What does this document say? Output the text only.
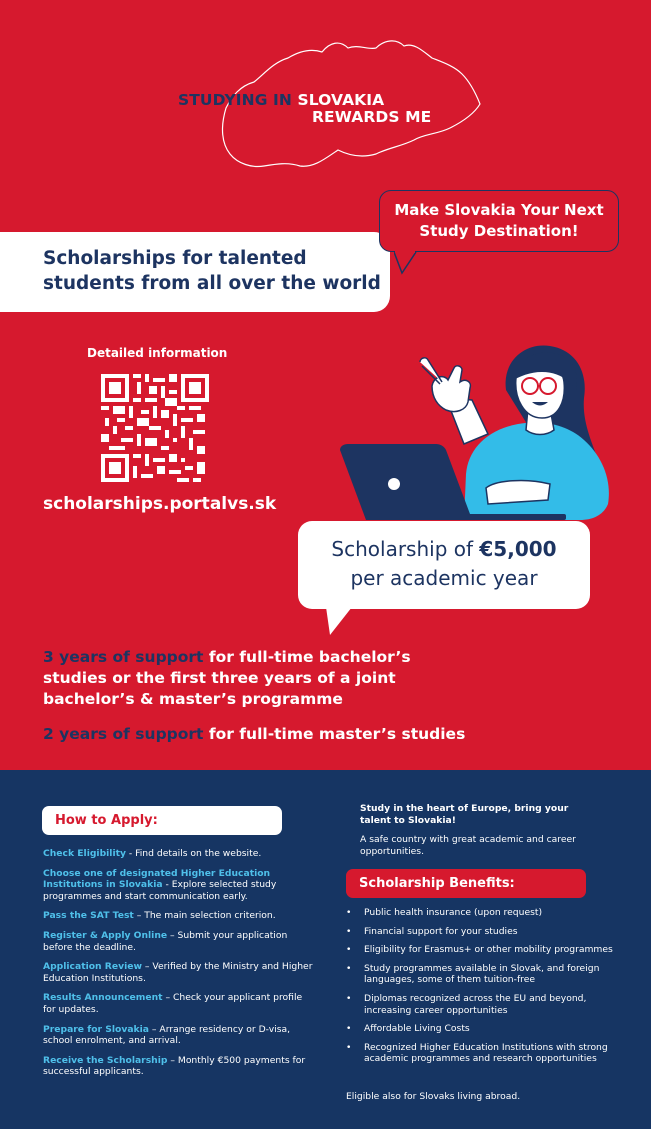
STUDYING IN SLOVAKIA
REWARDS ME
Scholarships for talented students from all over the world
Make Slovakia Your Next Study Destination!
Detailed information
scholarships.portalvs.sk
Scholarship of €5,000
per academic year
3 years of support for full-time bachelor’s studies or the first three years of a joint bachelor’s & master’s programme
2 years of support for full-time master’s studies
How to Apply:
Check Eligibility - Find details on the website.
Choose one of designated Higher Education Institutions in Slovakia - Explore selected study programmes and start communication early.
Pass the SAT Test – The main selection criterion.
Register & Apply Online – Submit your application before the deadline.
Application Review – Verified by the Ministry and Higher Education Institutions.
Results Announcement – Check your applicant profile for updates.
Prepare for Slovakia – Arrange residency or D-visa, school enrolment, and arrival.
Receive the Scholarship – Monthly €500 payments for successful applicants.
Study in the heart of Europe, bring your talent to Slovakia!
A safe country with great academic and career opportunities.
Scholarship Benefits:
• Public health insurance (upon request)
• Financial support for your studies
• Eligibility for Erasmus+ or other mobility programmes
• Study programmes available in Slovak, and foreign languages, some of them tuition-free
• Diplomas recognized across the EU and beyond, increasing career opportunities
• Affordable Living Costs
• Recognized Higher Education Institutions with strong academic programmes and research opportunities
Eligible also for Slovaks living abroad.
